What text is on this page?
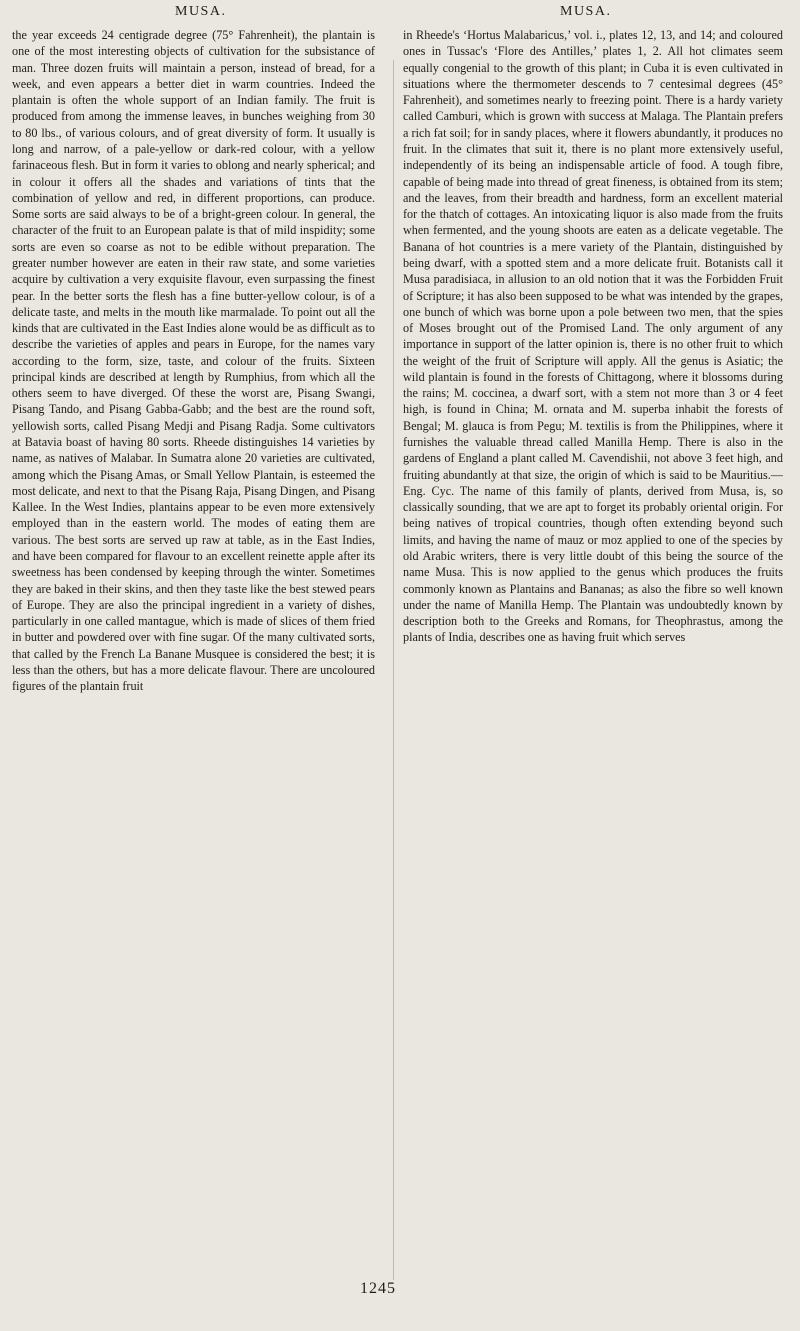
MUSA.	MUSA.

the year exceeds 24 centigrade degree (75° Fahrenheit), the plantain is one of the most interesting objects of cultivation for the subsistance of man. Three dozen fruits will maintain a person, instead of bread, for a week, and even appears a better diet in warm countries. Indeed the plantain is often the whole support of an Indian family. The fruit is produced from among the immense leaves, in bunches weighing from 30 to 80 lbs., of various colours, and of great diversity of form. It usually is long and narrow, of a pale-yellow or dark-red colour, with a yellow farinaceous flesh. But in form it varies to oblong and nearly spherical; and in colour it offers all the shades and variations of tints that the combination of yellow and red, in different proportions, can produce. Some sorts are said always to be of a bright-green colour. In general, the character of the fruit to an European palate is that of mild inspidity; some sorts are even so coarse as not to be edible without preparation. The greater number however are eaten in their raw state, and some varieties acquire by cultivation a very exquisite flavour, even surpassing the finest pear. In the better sorts the flesh has a fine butter-yellow colour, is of a delicate taste, and melts in the mouth like marmalade. To point out all the kinds that are cultivated in the East Indies alone would be as difficult as to describe the varieties of apples and pears in Europe, for the names vary according to the form, size, taste, and colour of the fruits. Sixteen principal kinds are described at length by Rumphius, from which all the others seem to have diverged. Of these the worst are, Pisang Swangi, Pisang Tando, and Pisang Gabba-Gabb; and the best are the round soft, yellowish sorts, called Pisang Medji and Pisang Radja. Some cultivators at Batavia boast of having 80 sorts. Rheede distinguishes 14 varieties by name, as natives of Malabar. In Sumatra alone 20 varieties are cultivated, among which the Pisang Amas, or Small Yellow Plantain, is esteemed the most delicate, and next to that the Pisang Raja, Pisang Dingen, and Pisang Kallee. In the West Indies, plantains appear to be even more extensively employed than in the eastern world. The modes of eating them are various. The best sorts are served up raw at table, as in the East Indies, and have been compared for flavour to an excellent reinette apple after its sweetness has been condensed by keeping through the winter. Sometimes they are baked in their skins, and then they taste like the best stewed pears of Europe. They are also the principal ingredient in a variety of dishes, particularly in one called mantague, which is made of slices of them fried in butter and powdered over with fine sugar. Of the many cultivated sorts, that called by the French La Banane Musquee is considered the best; it is less than the others, but has a more delicate flavour. There are uncoloured figures of the plantain fruit

in Rheede's ‘Hortus Malabaricus,’ vol. i., plates 12, 13, and 14; and coloured ones in Tussac's ‘Flore des Antilles,’ plates 1, 2. All hot climates seem equally congenial to the growth of this plant; in Cuba it is even cultivated in situations where the thermometer descends to 7 centesimal degrees (45° Fahrenheit), and sometimes nearly to freezing point. There is a hardy variety called Camburi, which is grown with success at Malaga. The Plantain prefers a rich fat soil; for in sandy places, where it flowers abundantly, it produces no fruit. In the climates that suit it, there is no plant more extensively useful, independently of its being an indispensable article of food. A tough fibre, capable of being made into thread of great fineness, is obtained from its stem; and the leaves, from their breadth and hardness, form an excellent material for the thatch of cottages. An intoxicating liquor is also made from the fruits when fermented, and the young shoots are eaten as a delicate vegetable. The Banana of hot countries is a mere variety of the Plantain, distinguished by being dwarf, with a spotted stem and a more delicate fruit. Botanists call it Musa paradisiaca, in allusion to an old notion that it was the Forbidden Fruit of Scripture; it has also been supposed to be what was intended by the grapes, one bunch of which was borne upon a pole between two men, that the spies of Moses brought out of the Promised Land. The only argument of any importance in support of the latter opinion is, there is no other fruit to which the weight of the fruit of Scripture will apply. All the genus is Asiatic; the wild plantain is found in the forests of Chittagong, where it blossoms during the rains; M. coccinea, a dwarf sort, with a stem not more than 3 or 4 feet high, is found in China; M. ornata and M. superba inhabit the forests of Bengal; M. glauca is from Pegu; M. textilis is from the Philippines, where it furnishes the valuable thread called Manilla Hemp. There is also in the gardens of England a plant called M. Cavendishii, not above 3 feet high, and fruiting abundantly at that size, the origin of which is said to be Mauritius.—Eng. Cyc. The name of this family of plants, derived from Musa, is, so classically sounding, that we are apt to forget its probably oriental origin. For being natives of tropical countries, though often extending beyond such limits, and having the name of mauz or moz applied to one of the species by old Arabic writers, there is very little doubt of this being the source of the name Musa. This is now applied to the genus which produces the fruits commonly known as Plantains and Bananas; as also the fibre so well known under the name of Manilla Hemp. The Plantain was undoubtedly known by description both to the Greeks and Romans, for Theophrastus, among the plants of India, describes one as having fruit which serves

1245
